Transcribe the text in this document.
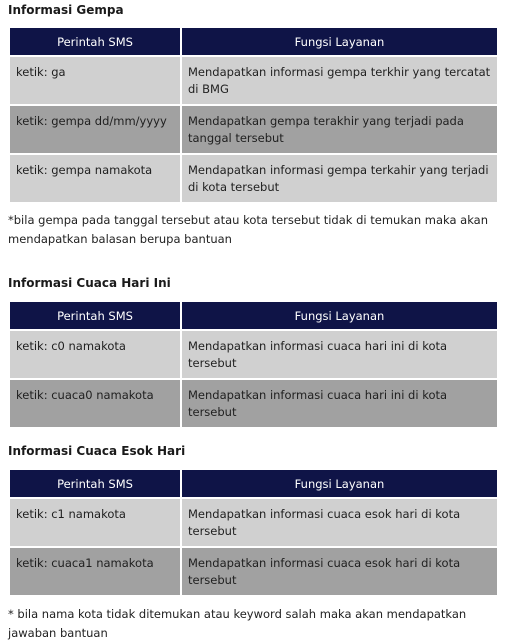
Informasi Gempa
Perintah SMS	Fungsi Layanan
ketik: ga	Mendapatkan informasi gempa terkhir yang tercatat di BMG
ketik: gempa dd/mm/yyyy	Mendapatkan gempa terakhir yang terjadi pada tanggal tersebut
ketik: gempa namakota	Mendapatkan informasi gempa terkahir yang terjadi di kota tersebut

*bila gempa pada tanggal tersebut atau kota tersebut tidak di temukan maka akan mendapatkan balasan berupa bantuan

Informasi Cuaca Hari Ini
Perintah SMS	Fungsi Layanan
ketik: c0 namakota	Mendapatkan informasi cuaca hari ini di kota tersebut
ketik: cuaca0 namakota	Mendapatkan informasi cuaca hari ini di kota tersebut
Informasi Cuaca Esok Hari
Perintah SMS	Fungsi Layanan
ketik: c1 namakota	Mendapatkan informasi cuaca esok hari di kota tersebut
ketik: cuaca1 namakota	Mendapatkan informasi cuaca esok hari di kota tersebut

* bila nama kota tidak ditemukan atau keyword salah maka akan mendapatkan jawaban bantuan
